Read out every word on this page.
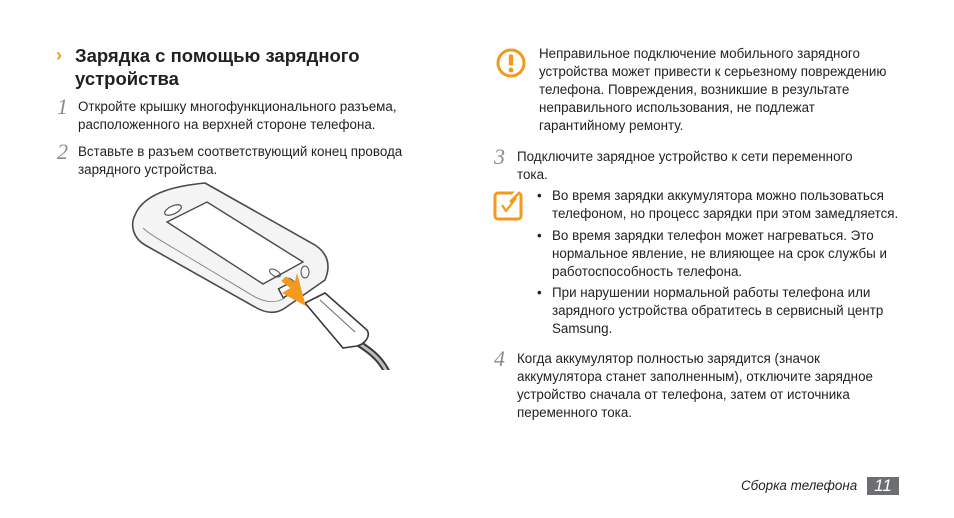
› Зарядка с помощью зарядного устройства
1 Откройте крышку многофункционального разъема, расположенного на верхней стороне телефона.
2 Вставьте в разъем соответствующий конец провода зарядного устройства.
Неправильное подключение мобильного зарядного устройства может привести к серьезному повреждению телефона. Повреждения, возникшие в результате неправильного использования, не подлежат гарантийному ремонту.
3 Подключите зарядное устройство к сети переменного тока.
• Во время зарядки аккумулятора можно пользоваться телефоном, но процесс зарядки при этом замедляется.
• Во время зарядки телефон может нагреваться. Это нормальное явление, не влияющее на срок службы и работоспособность телефона.
• При нарушении нормальной работы телефона или зарядного устройства обратитесь в сервисный центр Samsung.
4 Когда аккумулятор полностью зарядится (значок аккумулятора станет заполненным), отключите зарядное устройство сначала от телефона, затем от источника переменного тока.
Сборка телефона 11
